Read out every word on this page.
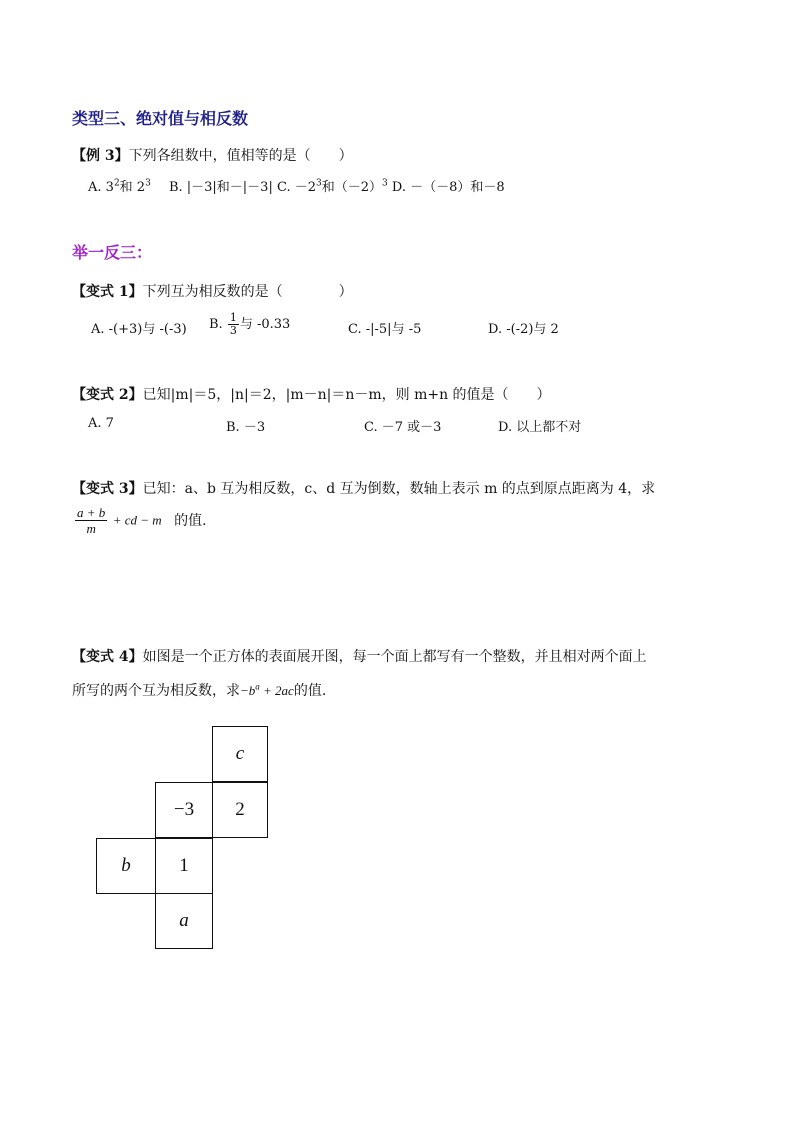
类型三、绝对值与相反数
【例 3】下列各组数中，值相等的是（　　）
A. $3^2$和 $2^3$ B. |－3|和－|－3| C. $-2^3$和$(-2)^3$ D. －（－8）和－8
举一反三：
【变式 1】下列互为相反数的是（　　　　）
A. -(+3)与 -(-3) B. $\frac{1}{3}$ 与 -0.33	C. -|-5|与 -5	D. -(-2)与 2
【变式 2】已知|m|＝5，|n|＝2，|m－n|＝n－m，则 m+n 的值是（　　）
A. 7	B. －3	C. －7 或－3	D. 以上都不对
【变式 3】已知：a、b 互为相反数，c、d 互为倒数，数轴上表示 m 的点到原点距离为 4，求
$\frac{a + b}{m}$ + cd − m 的值.
【变式 4】如图是一个正方体的表面展开图，每一个面上都写有一个整数，并且相对两个面上
所写的两个互为相反数，求$-b^a + 2ac$的值.
c
−3	2
b	1
a
